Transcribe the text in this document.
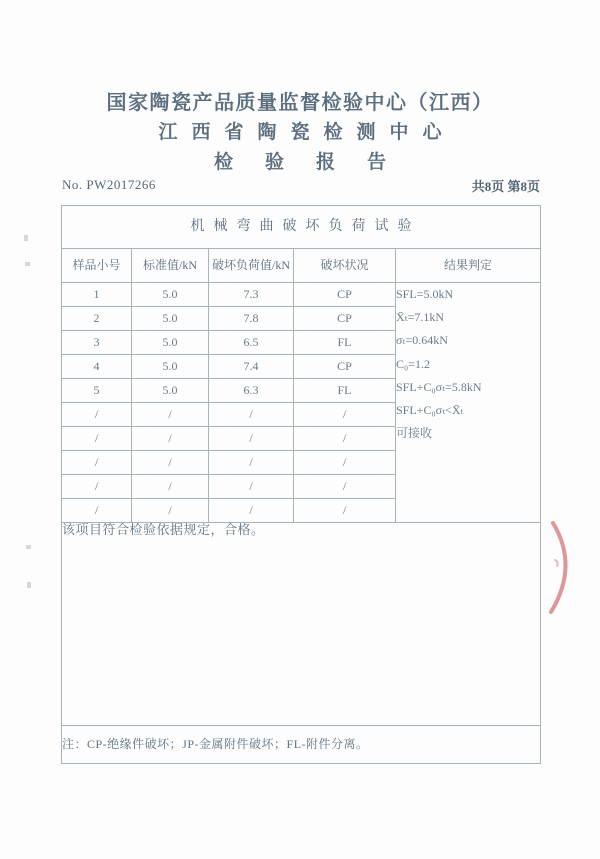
国家陶瓷产品质量监督检验中心（江西）
江西省陶瓷检测中心
检验报告
No. PW2017266	共8页 第8页
机械弯曲破坏负荷试验				
样品小号	标准值/kN	破坏负荷值/kN	破坏状况	结果判定
1	5.0	7.3	CP	SFL=5.0kN
X̄ₜ=7.1kN
σₜ=0.64kN
C₀=1.2
SFL+C₀σₜ=5.8kN
SFL+C₀σₜ<X̄ₜ
可接收

2	5.0	7.8	CP	
3	5.0	6.5	FL	
4	5.0	7.4	CP	
5	5.0	6.3	FL	
/	/	/	/	
/	/	/	/	
/	/	/	/	
/	/	/	/	
/	/	/	/	
该项目符合检验依据规定，合格。				
注：CP-绝缘件破坏；JP-金属附件破坏；FL-附件分离。				
